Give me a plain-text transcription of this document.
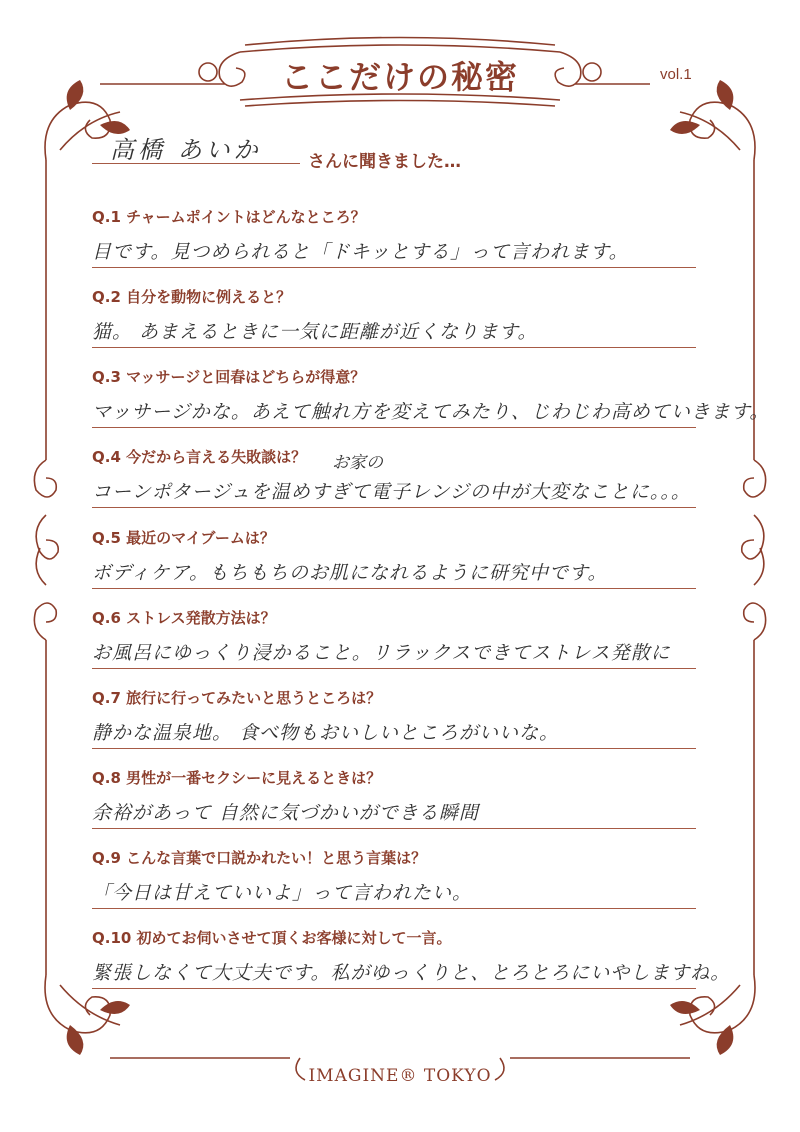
ここだけの秘密	vol.1
高橋 あいか	さんに聞きました…
Q.1 チャームポイントはどんなところ？
目です。見つめられると「ドキッとする」って言われます。
Q.2 自分を動物に例えると？
猫。 あまえるときに一気に距離が近くなります。
Q.3 マッサージと回春はどちらが得意？
マッサージかな。あえて触れ方を変えてみたり、じわじわ高めていきます。
Q.4 今だから言える失敗談は？
コーンポタージュを温めすぎて電子レンジの中が大変なことに。。。
お家の
Q.5 最近のマイブームは？
ボディケア。もちもちのお肌になれるように研究中です。
Q.6 ストレス発散方法は？
お風呂にゆっくり浸かること。リラックスできてストレス発散に
Q.7 旅行に行ってみたいと思うところは？
静かな温泉地。 食べ物もおいしいところがいいな。
Q.8 男性が一番セクシーに見えるときは？
余裕があって 自然に気づかいができる瞬間
Q.9 こんな言葉で口説かれたい！と思う言葉は？
「今日は甘えていいよ」って言われたい。
Q.10 初めてお伺いさせて頂くお客様に対して一言。
緊張しなくて大丈夫です。私がゆっくりと、とろとろにいやしますね。
IMAGINE® TOKYO
